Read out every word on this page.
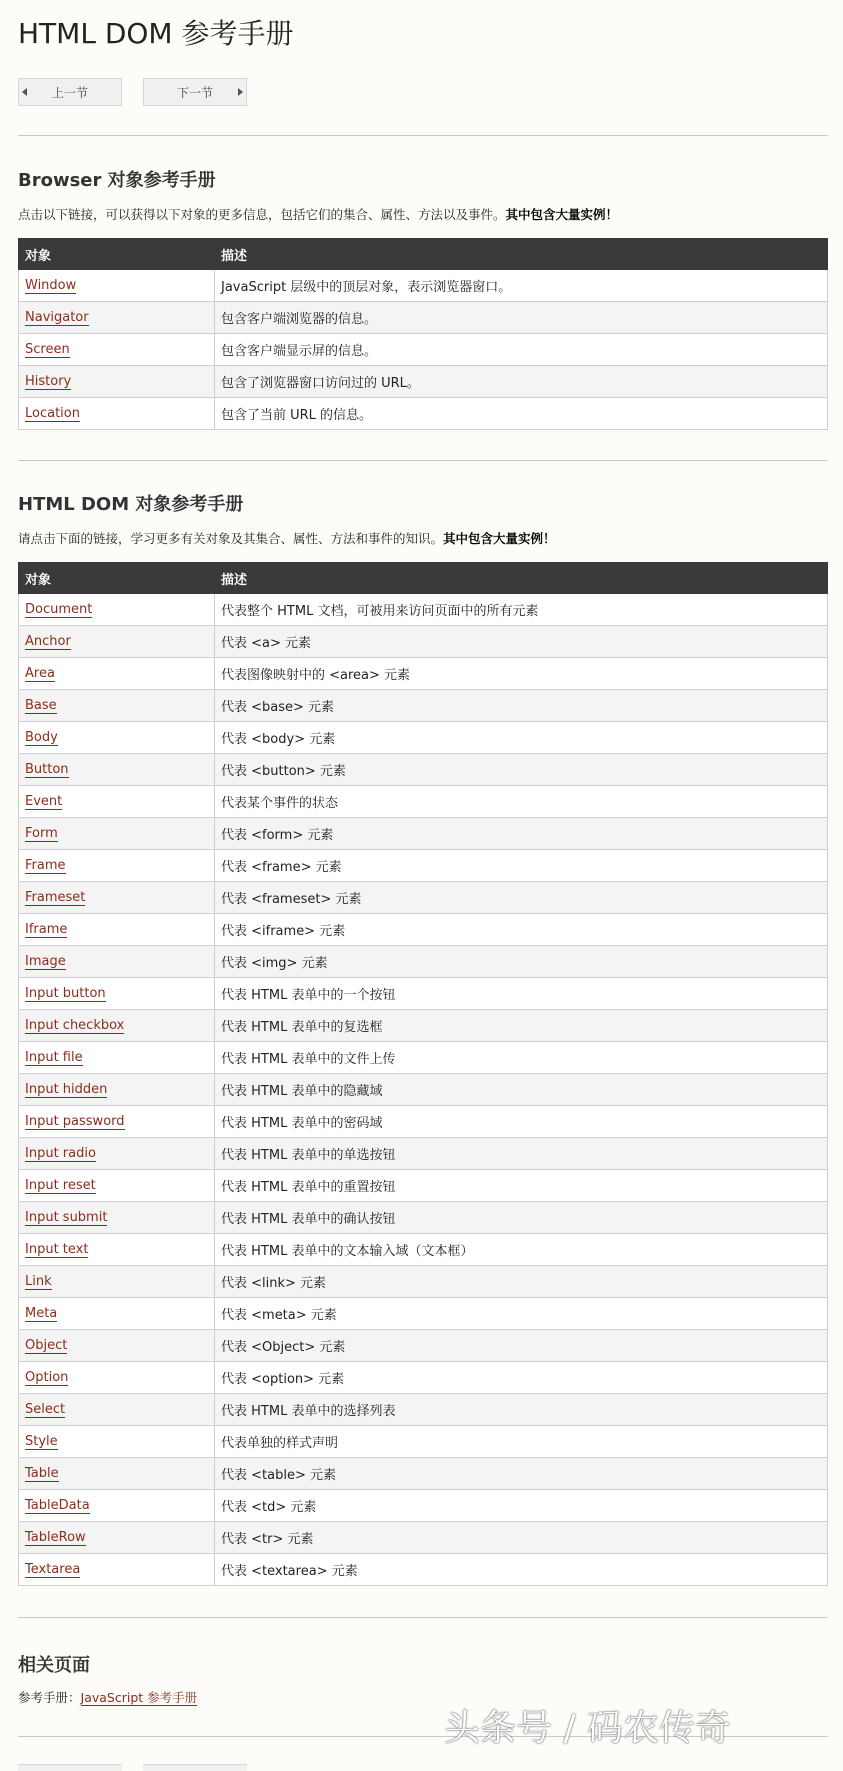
HTML DOM 参考手册
上一节	下一节
Browser 对象参考手册
点击以下链接，可以获得以下对象的更多信息，包括它们的集合、属性、方法以及事件。其中包含大量实例！
对象	描述
Window	JavaScript 层级中的顶层对象，表示浏览器窗口。
Navigator	包含客户端浏览器的信息。
Screen	包含客户端显示屏的信息。
History	包含了浏览器窗口访问过的 URL。
Location	包含了当前 URL 的信息。
HTML DOM 对象参考手册
请点击下面的链接，学习更多有关对象及其集合、属性、方法和事件的知识。其中包含大量实例！
对象	描述
Document	代表整个 HTML 文档，可被用来访问页面中的所有元素
Anchor	代表 <a> 元素
Area	代表图像映射中的 <area> 元素
Base	代表 <base> 元素
Body	代表 <body> 元素
Button	代表 <button> 元素
Event	代表某个事件的状态
Form	代表 <form> 元素
Frame	代表 <frame> 元素
Frameset	代表 <frameset> 元素
Iframe	代表 <iframe> 元素
Image	代表 <img> 元素
Input button	代表 HTML 表单中的一个按钮
Input checkbox	代表 HTML 表单中的复选框
Input file	代表 HTML 表单中的文件上传
Input hidden	代表 HTML 表单中的隐藏域
Input password	代表 HTML 表单中的密码域
Input radio	代表 HTML 表单中的单选按钮
Input reset	代表 HTML 表单中的重置按钮
Input submit	代表 HTML 表单中的确认按钮
Input text	代表 HTML 表单中的文本输入域（文本框）
Link	代表 <link> 元素
Meta	代表 <meta> 元素
Object	代表 <Object> 元素
Option	代表 <option> 元素
Select	代表 HTML 表单中的选择列表
Style	代表单独的样式声明
Table	代表 <table> 元素
TableData	代表 <td> 元素
TableRow	代表 <tr> 元素
Textarea	代表 <textarea> 元素
相关页面
参考手册：JavaScript 参考手册
头条号 / 码农传奇
